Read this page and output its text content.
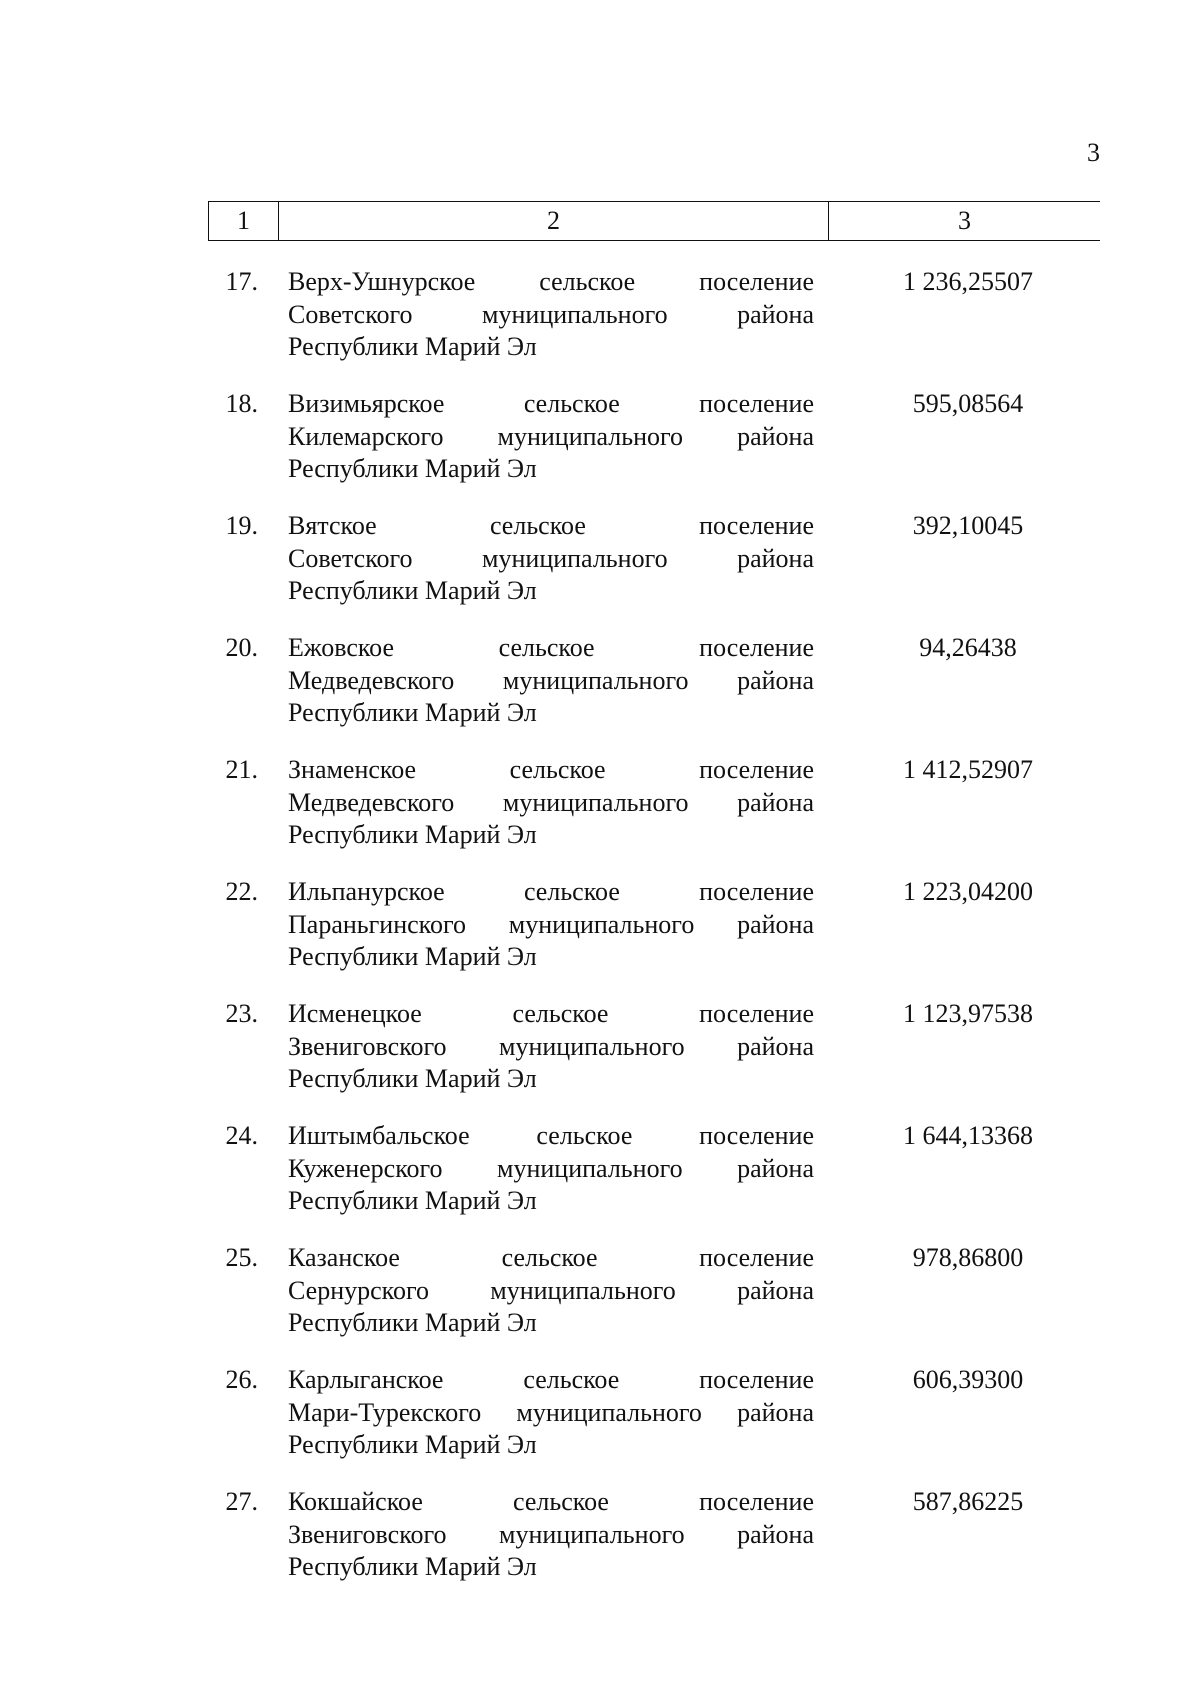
3
1	2	3
17. Верх-Ушнурское сельское поселение
Советского муниципального района
Республики Марий Эл
1 236,25507
18. Визимьярское сельское поселение
Килемарского муниципального района
Республики Марий Эл
595,08564
19. Вятское сельское поселение
Советского муниципального района
Республики Марий Эл
392,10045
20. Ежовское сельское поселение
Медведевского муниципального района
Республики Марий Эл
94,26438
21. Знаменское сельское поселение
Медведевского муниципального района
Республики Марий Эл
1 412,52907
22. Ильпанурское сельское поселение
Параньгинского муниципального района
Республики Марий Эл
1 223,04200
23. Исменецкое сельское поселение
Звениговского муниципального района
Республики Марий Эл
1 123,97538
24. Иштымбальское сельское поселение
Куженерского муниципального района
Республики Марий Эл
1 644,13368
25. Казанское сельское поселение
Сернурского муниципального района
Республики Марий Эл
978,86800
26. Карлыганское сельское поселение
Мари-Турекского муниципального района
Республики Марий Эл
606,39300
27. Кокшайское сельское поселение
Звениговского муниципального района
Республики Марий Эл
587,86225
